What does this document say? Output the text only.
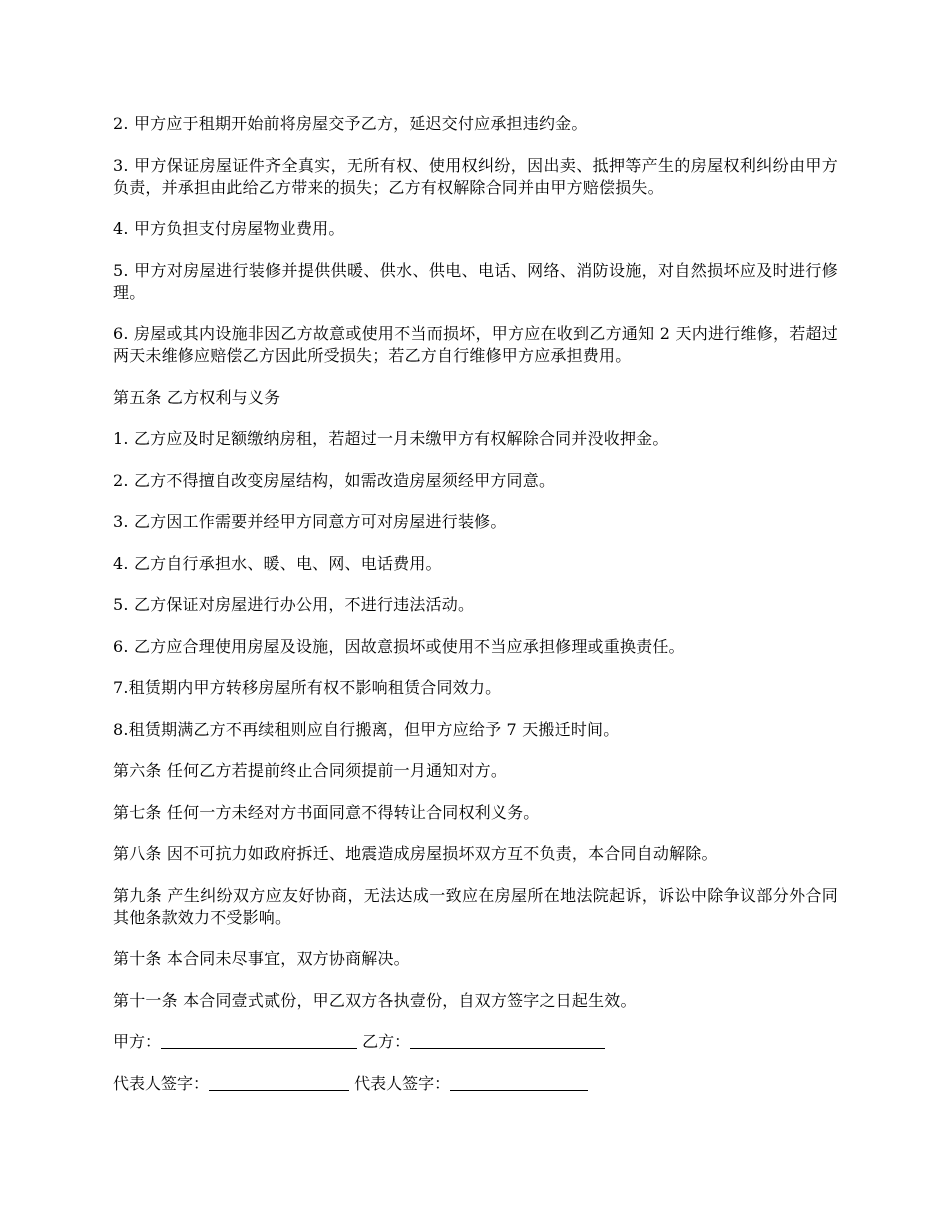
2. 甲方应于租期开始前将房屋交予乙方，延迟交付应承担违约金。

3. 甲方保证房屋证件齐全真实，无所有权、使用权纠纷，因出卖、抵押等产生的房屋权利纠纷由甲方负责，并承担由此给乙方带来的损失；乙方有权解除合同并由甲方赔偿损失。

4. 甲方负担支付房屋物业费用。

5. 甲方对房屋进行装修并提供供暖、供水、供电、电话、网络、消防设施，对自然损坏应及时进行修理。

6. 房屋或其内设施非因乙方故意或使用不当而损坏，甲方应在收到乙方通知 2 天内进行维修，若超过两天未维修应赔偿乙方因此所受损失；若乙方自行维修甲方应承担费用。

第五条 乙方权利与义务

1. 乙方应及时足额缴纳房租，若超过一月未缴甲方有权解除合同并没收押金。

2. 乙方不得擅自改变房屋结构，如需改造房屋须经甲方同意。

3. 乙方因工作需要并经甲方同意方可对房屋进行装修。

4. 乙方自行承担水、暖、电、网、电话费用。

5. 乙方保证对房屋进行办公用，不进行违法活动。

6. 乙方应合理使用房屋及设施，因故意损坏或使用不当应承担修理或重换责任。

7.租赁期内甲方转移房屋所有权不影响租赁合同效力。

8.租赁期满乙方不再续租则应自行搬离，但甲方应给予 7 天搬迁时间。

第六条 任何乙方若提前终止合同须提前一月通知对方。

第七条 任何一方未经对方书面同意不得转让合同权利义务。

第八条 因不可抗力如政府拆迁、地震造成房屋损坏双方互不负责，本合同自动解除。

第九条 产生纠纷双方应友好协商，无法达成一致应在房屋所在地法院起诉，诉讼中除争议部分外合同其他条款效力不受影响。

第十条 本合同未尽事宜，双方协商解决。

第十一条 本合同壹式贰份，甲乙双方各执壹份，自双方签字之日起生效。

甲方：	乙方：
代表人签字：	代表人签字：
